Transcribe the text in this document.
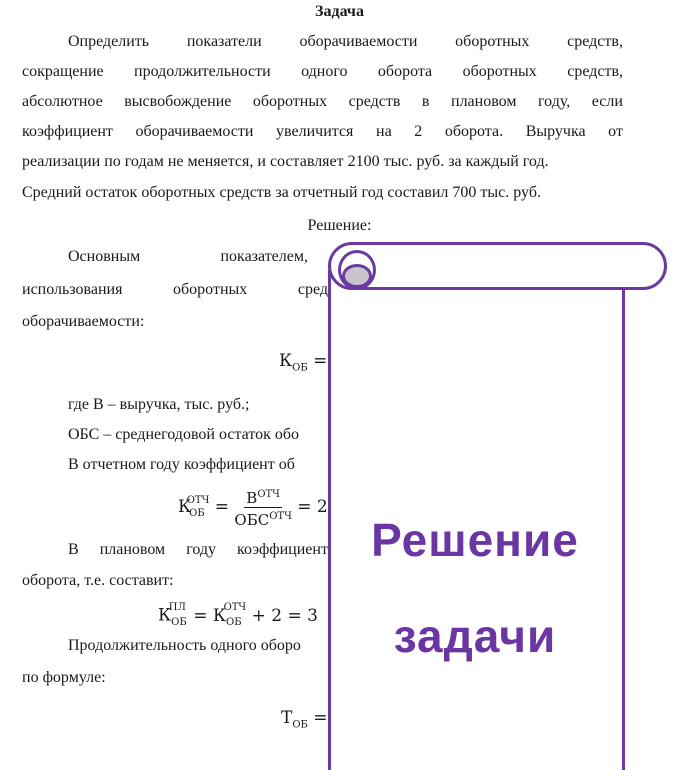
Задача
Определить показатели оборачиваемости оборотных средств,
сокращение продолжительности одного оборота оборотных средств,
абсолютное высвобождение оборотных средств в плановом году, если
коэффициент оборачиваемости увеличится на 2 оборота. Выручка от
реализации по годам не меняется, и составляет 2100 тыс. руб. за каждый год.
Средний остаток оборотных средств за отчетный год составил 700 тыс. руб.
Решение:
Основным	показателем,
использования	оборотных	сред
оборачиваемости:
$К_{ОБ}$ =
где В – выручка, тыс. руб.;
ОБС – среднегодовой остаток обо
В отчетном году коэффициент об
$К_{ОБ}^{ОТЧ} = \frac{В^{ОТЧ}}{ОБС^{ОТЧ}} = 2$
В плановом году коэффициент
оборота, т.е. составит:
$К_{ОБ}^{ПЛ} = К_{ОБ}^{ОТЧ} + 2 = 3$
Продолжительность одного оборо
по формуле:
$Т_{ОБ}$ =
Решение
задачи
